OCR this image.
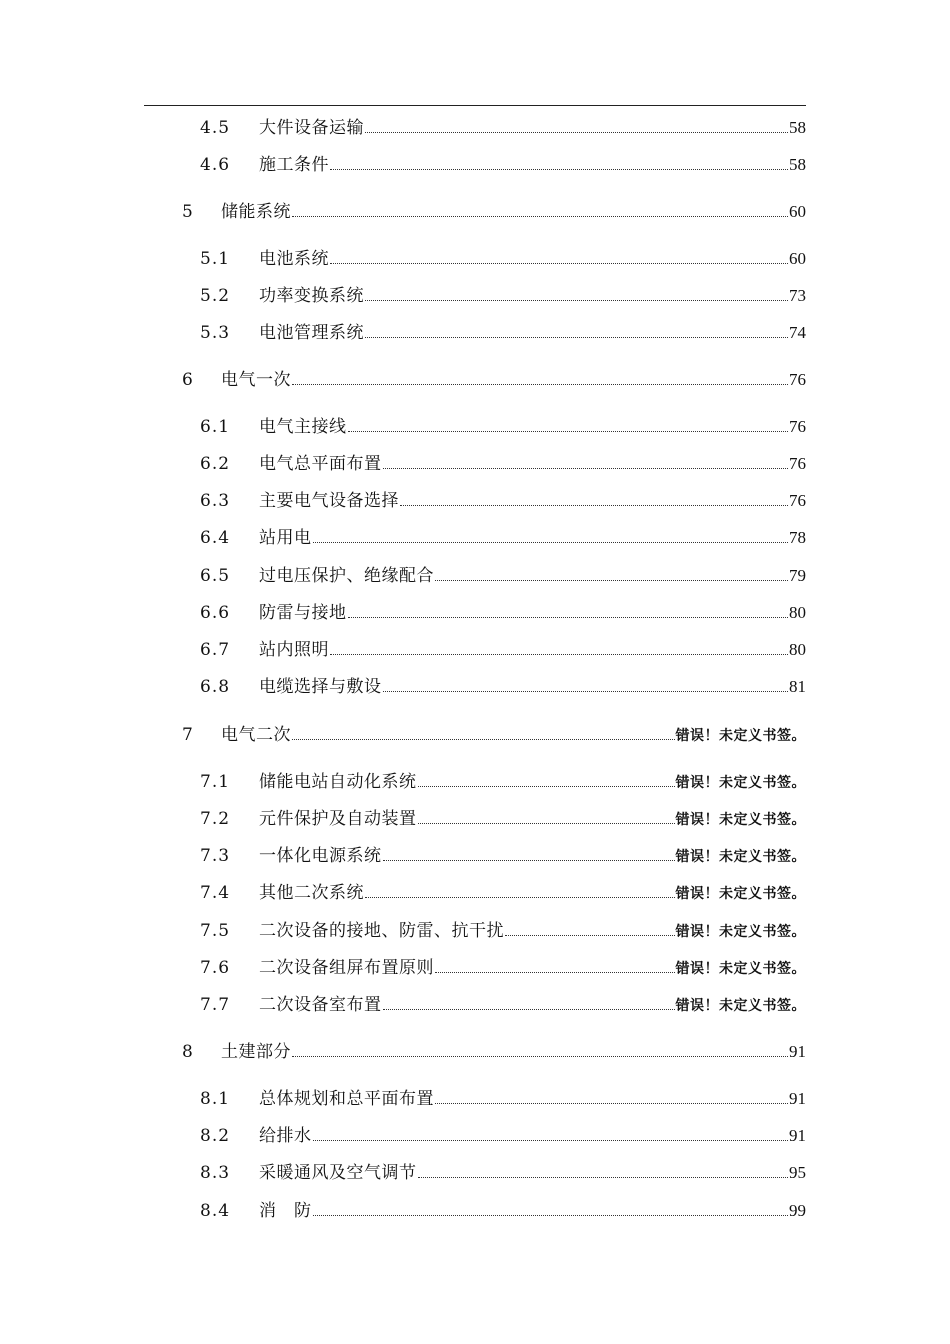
4.5	大件设备运输	58
4.6	施工条件	58
5	储能系统	60
5.1	电池系统	60
5.2	功率变换系统	73
5.3	电池管理系统	74
6	电气一次	76
6.1	电气主接线	76
6.2	电气总平面布置	76
6.3	主要电气设备选择	76
6.4	站用电	78
6.5	过电压保护、绝缘配合	79
6.6	防雷与接地	80
6.7	站内照明	80
6.8	电缆选择与敷设	81
7	电气二次	错误！未定义书签。
7.1	储能电站自动化系统	错误！未定义书签。
7.2	元件保护及自动装置	错误！未定义书签。
7.3	一体化电源系统	错误！未定义书签。
7.4	其他二次系统	错误！未定义书签。
7.5	二次设备的接地、防雷、抗干扰	错误！未定义书签。
7.6	二次设备组屏布置原则	错误！未定义书签。
7.7	二次设备室布置	错误！未定义书签。
8	土建部分	91
8.1	总体规划和总平面布置	91
8.2	给排水	91
8.3	采暖通风及空气调节	95
8.4	消　防	99
